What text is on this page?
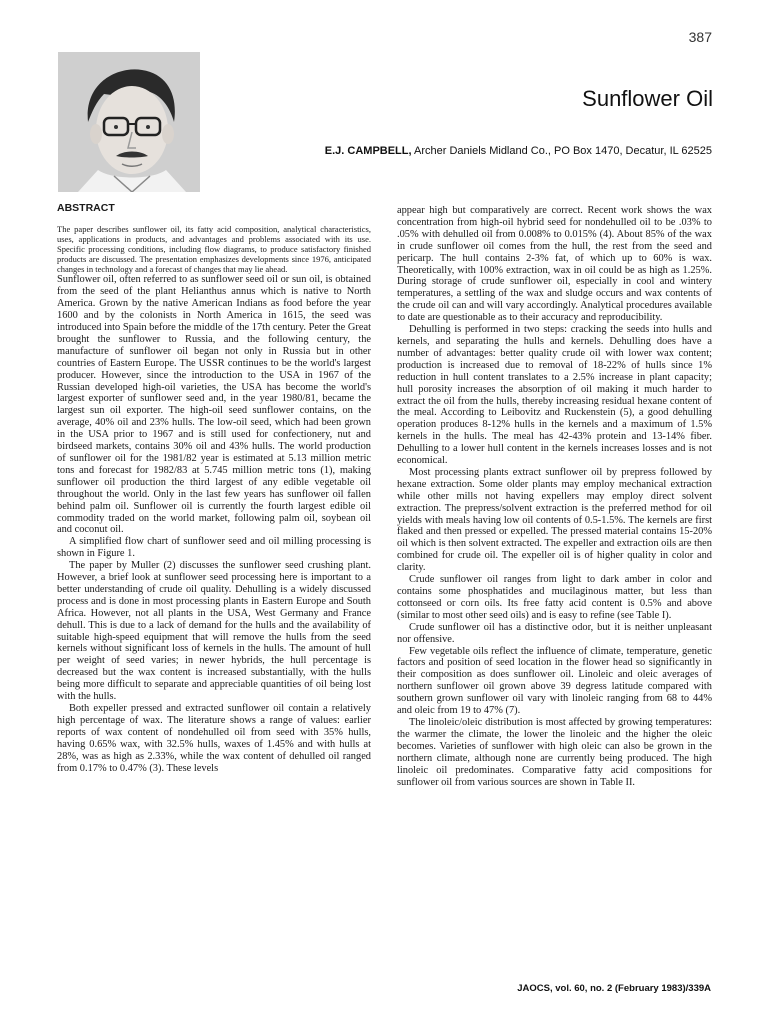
387
Sunflower Oil
E.J. CAMPBELL, Archer Daniels Midland Co., PO Box 1470, Decatur, IL 62525
ABSTRACT

The paper describes sunflower oil, its fatty acid composition, analytical characteristics, uses, applications in products, and advantages and problems associated with its use. Specific processing conditions, including flow diagrams, to produce satisfactory finished products are discussed. The presentation emphasizes developments since 1976, anticipated changes in technology and a forecast of changes that may lie ahead.

Sunflower oil, often referred to as sunflower seed oil or sun oil, is obtained from the seed of the plant Helianthus annus which is native to North America. Grown by the native American Indians as food before the year 1600 and by the colonists in North America in 1615, the seed was introduced into Spain before the middle of the 17th century. Peter the Great brought the sunflower to Russia, and the following century, the manufacture of sunflower oil began not only in Russia but in other countries of Eastern Europe. The USSR continues to be the world's largest producer. However, since the introduction to the USA in 1967 of the Russian developed high-oil varieties, the USA has become the world's largest exporter of sunflower seed and, in the year 1980/81, became the largest sun oil exporter. The high-oil seed sunflower contains, on the average, 40% oil and 23% hulls. The low-oil seed, which had been grown in the USA prior to 1967 and is still used for confectionery, nut and birdseed markets, contains 30% oil and 43% hulls. The world production of sunflower oil for the 1981/82 year is estimated at 5.13 million metric tons and forecast for 1982/83 at 5.745 million metric tons (1), making sunflower oil production the third largest of any edible vegetable oil throughout the world. Only in the last few years has sunflower oil fallen behind palm oil. Sunflower oil is currently the fourth largest edible oil commodity traded on the world market, following palm oil, soybean oil and coconut oil.

A simplified flow chart of sunflower seed and oil milling processing is shown in Figure 1.

The paper by Muller (2) discusses the sunflower seed crushing plant. However, a brief look at sunflower seed processing here is important to a better understanding of crude oil quality. Dehulling is a widely discussed process and is done in most processing plants in Eastern Europe and South Africa. However, not all plants in the USA, West Germany and France dehull. This is due to a lack of demand for the hulls and the availability of suitable high-speed equipment that will remove the hulls from the seed kernels without significant loss of kernels in the hulls. The amount of hull per weight of seed varies; in newer hybrids, the hull percentage is decreased but the wax content is increased substantially, with the hulls being more difficult to separate and appreciable quantities of oil being lost with the hulls.

Both expeller pressed and extracted sunflower oil contain a relatively high percentage of wax. The literature shows a range of values: earlier reports of wax content of nondehulled oil from seed with 35% hulls, having 0.65% wax, with 32.5% hulls, waxes of 1.45% and with hulls at 28%, was as high as 2.33%, while the wax content of dehulled oil ranged from 0.17% to 0.47% (3). These levels

appear high but comparatively are correct. Recent work shows the wax concentration from high-oil hybrid seed for nondehulled oil to be .03% to .05% with dehulled oil from 0.008% to 0.015% (4). About 85% of the wax in crude sunflower oil comes from the hull, the rest from the seed and pericarp. The hull contains 2-3% fat, of which up to 60% is wax. Theoretically, with 100% extraction, wax in oil could be as high as 1.25%. During storage of crude sunflower oil, especially in cool and wintery temperatures, a settling of the wax and sludge occurs and wax contents of the crude oil can and will vary accordingly. Analytical procedures available to date are questionable as to their accuracy and reproducibility.

Dehulling is performed in two steps: cracking the seeds into hulls and kernels, and separating the hulls and kernels. Dehulling does have a number of advantages: better quality crude oil with lower wax content; production is increased due to removal of 18-22% of hulls since 1% reduction in hull content translates to a 2.5% increase in plant capacity; hull porosity increases the absorption of oil making it much harder to extract the oil from the hulls, thereby increasing residual hexane content of the meal. According to Leibovitz and Ruckenstein (5), a good dehulling operation produces 8-12% hulls in the kernels and a maximum of 1.5% kernels in the hulls. The meal has 42-43% protein and 13-14% fiber. Dehulling to a lower hull content in the kernels increases losses and is not economical.

Most processing plants extract sunflower oil by prepress followed by hexane extraction. Some older plants may employ mechanical extraction while other mills not having expellers may employ direct solvent extraction. The prepress/solvent extraction is the preferred method for oil yields with meals having low oil contents of 0.5-1.5%. The kernels are first flaked and then pressed or expelled. The pressed material contains 15-20% oil which is then solvent extracted. The expeller and extraction oils are then combined for crude oil. The expeller oil is of higher quality in color and clarity.

Crude sunflower oil ranges from light to dark amber in color and contains some phosphatides and mucilaginous matter, but less than cottonseed or corn oils. Its free fatty acid content is 0.5% and above (similar to most other seed oils) and is easy to refine (see Table I).

Crude sunflower oil has a distinctive odor, but it is neither unpleasant nor offensive.

Few vegetable oils reflect the influence of climate, temperature, genetic factors and position of seed location in the flower head so significantly in their composition as does sunflower oil. Linoleic and oleic averages of northern sunflower oil grown above 39 degress latitude compared with southern grown sunflower oil vary with linoleic ranging from 68 to 44% and oleic from 19 to 47% (7).

The linoleic/oleic distribution is most affected by growing temperatures: the warmer the climate, the lower the linoleic and the higher the oleic becomes. Varieties of sunflower with high oleic can also be grown in the northern climate, although none are currently being produced. The high linoleic oil predominates. Comparative fatty acid compositions for sunflower oil from various sources are shown in Table II.

JAOCS, vol. 60, no. 2 (February 1983)/339A
